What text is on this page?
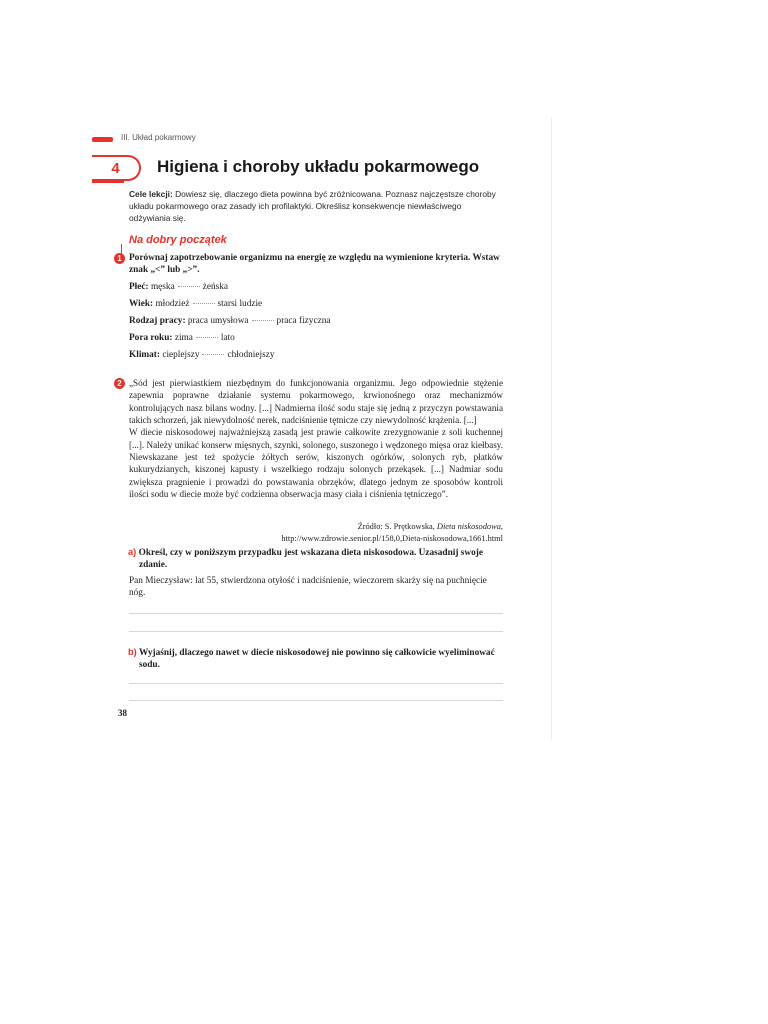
III. Układ pokarmowy
4	Higiena i choroby układu pokarmowego
Cele lekcji: Dowiesz się, dlaczego dieta powinna być zróżnicowana. Poznasz najczęstsze choroby układu pokarmowego oraz zasady ich profilaktyki. Określisz konsekwencje niewłaściwego odżywiania się.
Na dobry początek
1 Porównaj zapotrzebowanie organizmu na energię ze względu na wymienione kryteria. Wstaw znak „<” lub „>”.
Płeć: męska	żeńska
Wiek: młodzież	starsi ludzie
Rodzaj pracy: praca umysłowa	praca fizyczna
Pora roku: zima	lato
Klimat: cieplejszy	chłodniejszy
2 „Sód jest pierwiastkiem niezbędnym do funkcjonowania organizmu. Jego odpowiednie stężenie zapewnia poprawne działanie systemu pokarmowego, krwionośnego oraz mechanizmów kontrolujących nasz bilans wodny. [...] Nadmierna ilość sodu staje się jedną z przyczyn powstawania takich schorzeń, jak niewydolność nerek, nadciśnienie tętnicze czy niewydolność krążenia. [...]

W diecie niskosodowej najważniejszą zasadą jest prawie całkowite zrezygnowanie z soli kuchennej [...]. Należy unikać konserw mięsnych, szynki, solonego, suszonego i wędzonego mięsa oraz kiełbasy. Niewskazane jest też spożycie żółtych serów, kiszonych ogórków, solonych ryb, płatków kukurydzianych, kiszonej kapusty i wszelkiego rodzaju solonych przekąsek. [...] Nadmiar sodu zwiększa pragnienie i prowadzi do powstawania obrzęków, dlatego jednym ze sposobów kontroli ilości sodu w diecie może być codzienna obserwacja masy ciała i ciśnienia tętniczego”.

Źródło: S. Prętkowska, Dieta niskosodowa,
http://www.zdrowie.senior.pl/158,0,Dieta-niskosodowa,1661.html
a) Określ, czy w poniższym przypadku jest wskazana dieta niskosodowa. Uzasadnij swoje zdanie.
Pan Mieczysław: lat 55, stwierdzona otyłość i nadciśnienie, wieczorem skarży się na puchnięcie nóg.
b) Wyjaśnij, dlaczego nawet w diecie niskosodowej nie powinno się całkowicie wyeliminować sodu.
38
